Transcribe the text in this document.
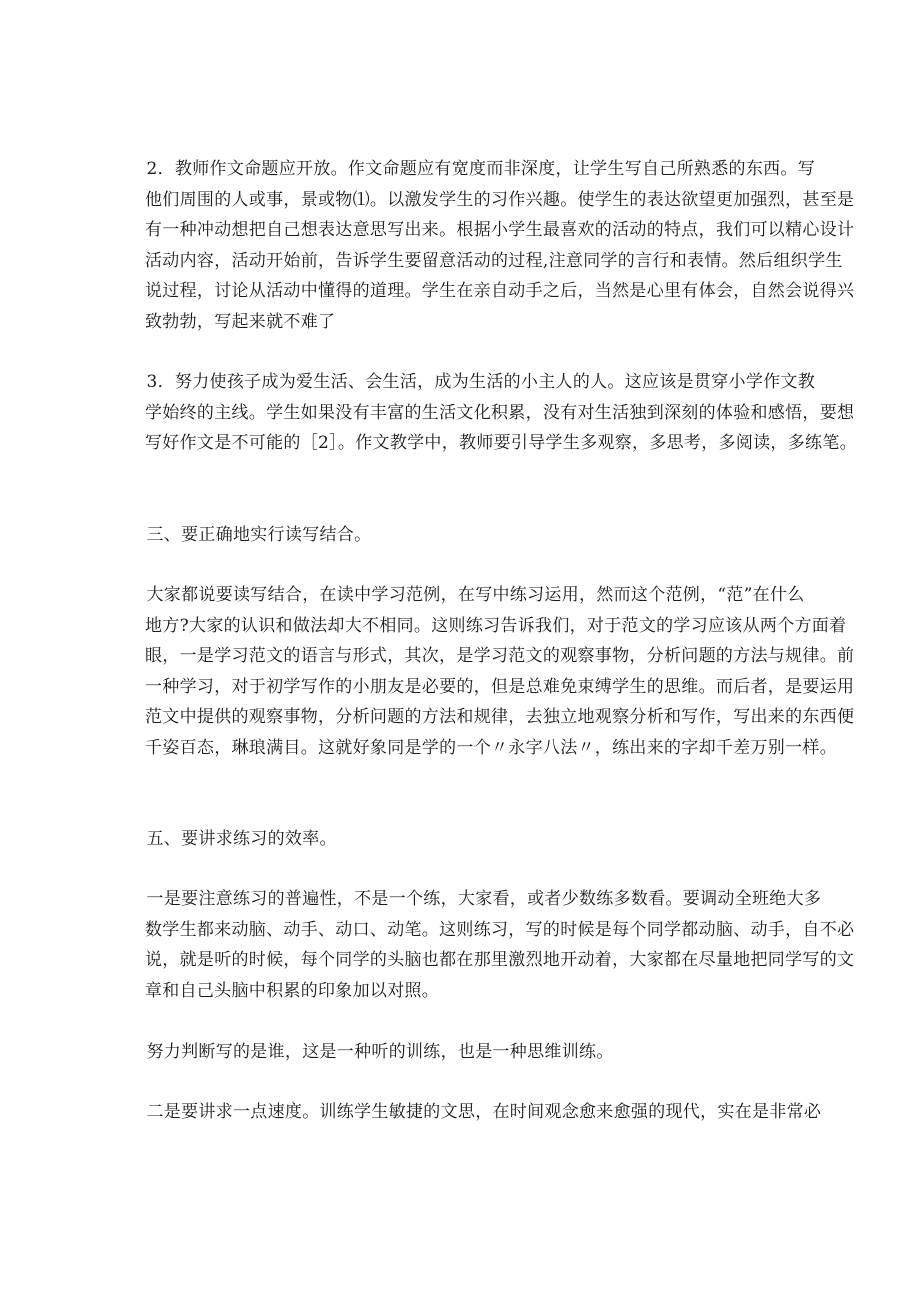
2．教师作文命题应开放。作文命题应有宽度而非深度，让学生写自己所熟悉的东西。写
他们周围的人或事，景或物⑴。以激发学生的习作兴趣。使学生的表达欲望更加强烈，甚至是
有一种冲动想把自己想表达意思写出来。根据小学生最喜欢的活动的特点，我们可以精心设计
活动内容，活动开始前，告诉学生要留意活动的过程,注意同学的言行和表情。然后组织学生
说过程，讨论从活动中懂得的道理。学生在亲自动手之后，当然是心里有体会，自然会说得兴
致勃勃，写起来就不难了

3．努力使孩子成为爱生活、会生活，成为生活的小主人的人。这应该是贯穿小学作文教
学始终的主线。学生如果没有丰富的生活文化积累，没有对生活独到深刻的体验和感悟，要想
写好作文是不可能的［2］。作文教学中，教师要引导学生多观察，多思考，多阅读，多练笔。

三、要正确地实行读写结合。

大家都说要读写结合，在读中学习范例，在写中练习运用，然而这个范例，“范”在什么
地方?大家的认识和做法却大不相同。这则练习告诉我们，对于范文的学习应该从两个方面着
眼，一是学习范文的语言与形式，其次，是学习范文的观察事物，分析问题的方法与规律。前
一种学习，对于初学写作的小朋友是必要的，但是总难免束缚学生的思维。而后者，是要运用
范文中提供的观察事物，分析问题的方法和规律，去独立地观察分析和写作，写出来的东西便
千姿百态，琳琅满目。这就好象同是学的一个〃永字八法〃，练出来的字却千差万别一样。

五、要讲求练习的效率。

一是要注意练习的普遍性，不是一个练，大家看，或者少数练多数看。要调动全班绝大多
数学生都来动脑、动手、动口、动笔。这则练习，写的时候是每个同学都动脑、动手，自不必
说，就是听的时候，每个同学的头脑也都在那里激烈地开动着，大家都在尽量地把同学写的文
章和自己头脑中积累的印象加以对照。

努力判断写的是谁，这是一种听的训练，也是一种思维训练。

二是要讲求一点速度。训练学生敏捷的文思，在时间观念愈来愈强的现代，实在是非常必
